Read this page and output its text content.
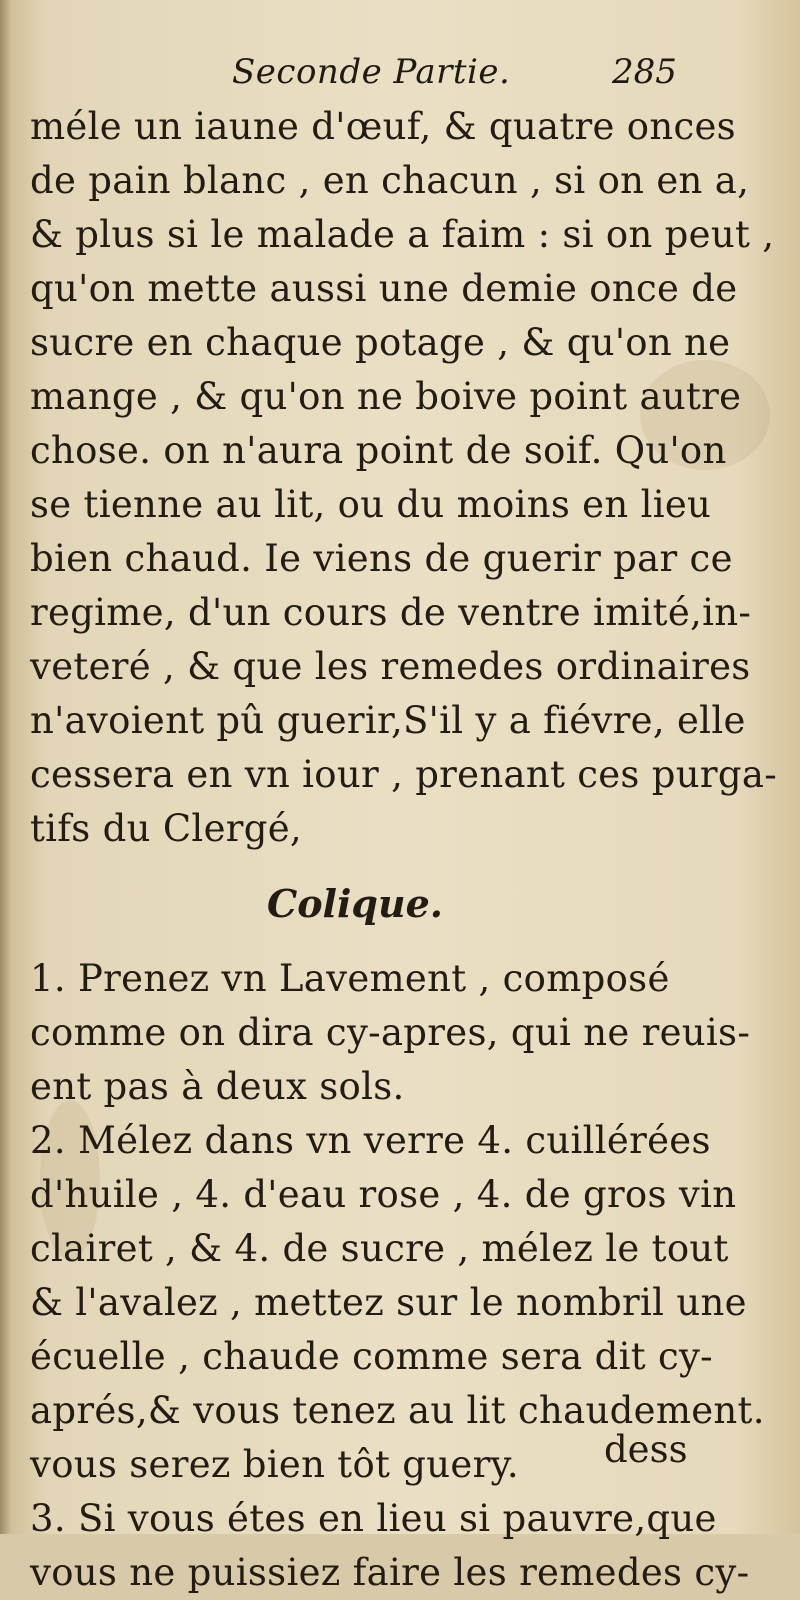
Seconde Partie.	285
méle un iaune d'œuf, & quatre onces
de pain blanc , en chacun , si on en a,
& plus si le malade a faim : si on peut ,
qu'on mette aussi une demie once de
sucre en chaque potage , & qu'on ne
mange , & qu'on ne boive point autre
chose. on n'aura point de soif. Qu'on
se tienne au lit, ou du moins en lieu
bien chaud. Ie viens de guerir par ce
regime, d'un cours de ventre imité,in-
veteré , & que les remedes ordinaires
n'avoient pû guerir,S'il y a fiévre, elle
cessera en vn iour , prenant ces purga-
tifs du Clergé,
Colique.
1. Prenez vn Lavement , composé
comme on dira cy-apres, qui ne reuis-
ent pas à deux sols.
2. Mélez dans vn verre 4. cuillérées
d'huile , 4. d'eau rose , 4. de gros vin
clairet , & 4. de sucre , mélez le tout
& l'avalez , mettez sur le nombril une
écuelle , chaude comme sera dit cy-
aprés,& vous tenez au lit chaudement.
vous serez bien tôt guery.
3. Si vous étes en lieu si pauvre,que
vous ne puissiez faire les remedes cy-
dess
